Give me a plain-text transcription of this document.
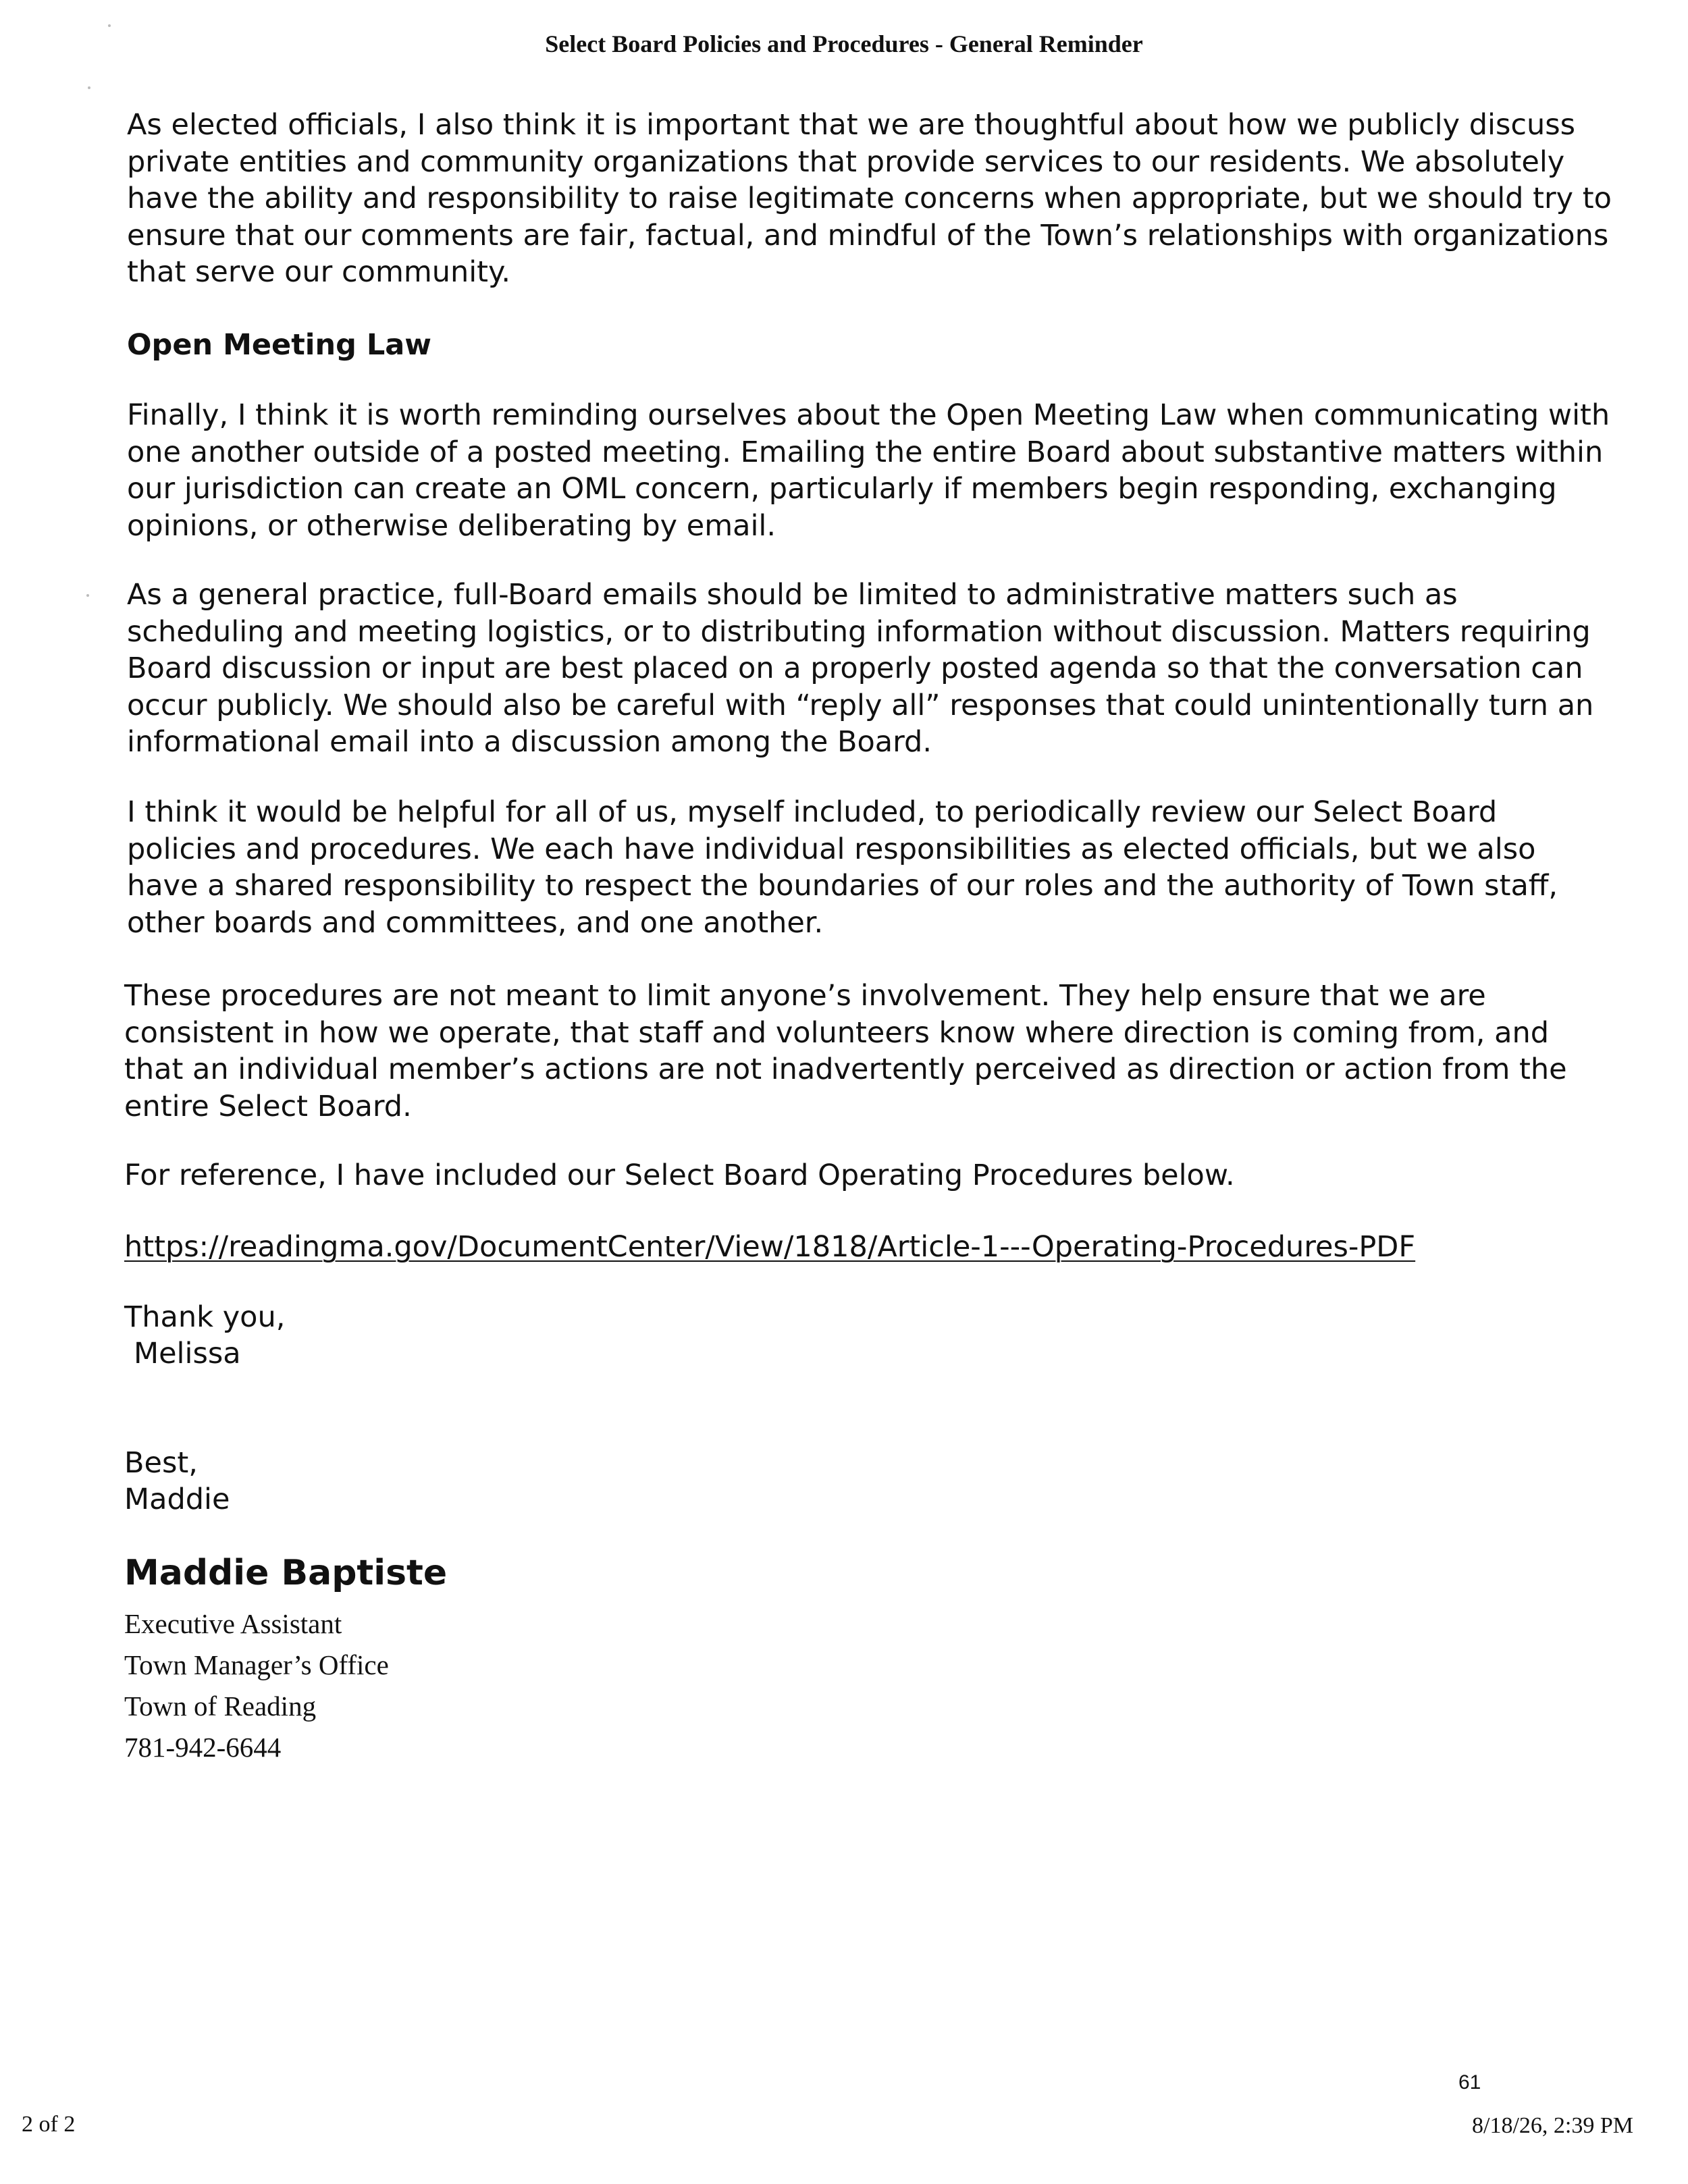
Select Board Policies and Procedures - General Reminder
As elected officials, I also think it is important that we are thoughtful about how we publicly discuss private entities and community organizations that provide services to our residents. We absolutely have the ability and responsibility to raise legitimate concerns when appropriate, but we should try to ensure that our comments are fair, factual, and mindful of the Town’s relationships with organizations that serve our community.
Open Meeting Law
Finally, I think it is worth reminding ourselves about the Open Meeting Law when communicating with one another outside of a posted meeting. Emailing the entire Board about substantive matters within our jurisdiction can create an OML concern, particularly if members begin responding, exchanging opinions, or otherwise deliberating by email.
As a general practice, full-Board emails should be limited to administrative matters such as scheduling and meeting logistics, or to distributing information without discussion. Matters requiring Board discussion or input are best placed on a properly posted agenda so that the conversation can occur publicly. We should also be careful with “reply all” responses that could unintentionally turn an informational email into a discussion among the Board.
I think it would be helpful for all of us, myself included, to periodically review our Select Board policies and procedures. We each have individual responsibilities as elected officials, but we also have a shared responsibility to respect the boundaries of our roles and the authority of Town staff, other boards and committees, and one another.
These procedures are not meant to limit anyone’s involvement. They help ensure that we are consistent in how we operate, that staff and volunteers know where direction is coming from, and that an individual member’s actions are not inadvertently perceived as direction or action from the entire Select Board.
For reference, I have included our Select Board Operating Procedures below.
https://readingma.gov/DocumentCenter/View/1818/Article-1---Operating-Procedures-PDF
Thank you,
Melissa
Best,
Maddie
Maddie Baptiste
Executive Assistant
Town Manager’s Office
Town of Reading
781-942-6644
61
2 of 2	8/18/26, 2:39 PM
